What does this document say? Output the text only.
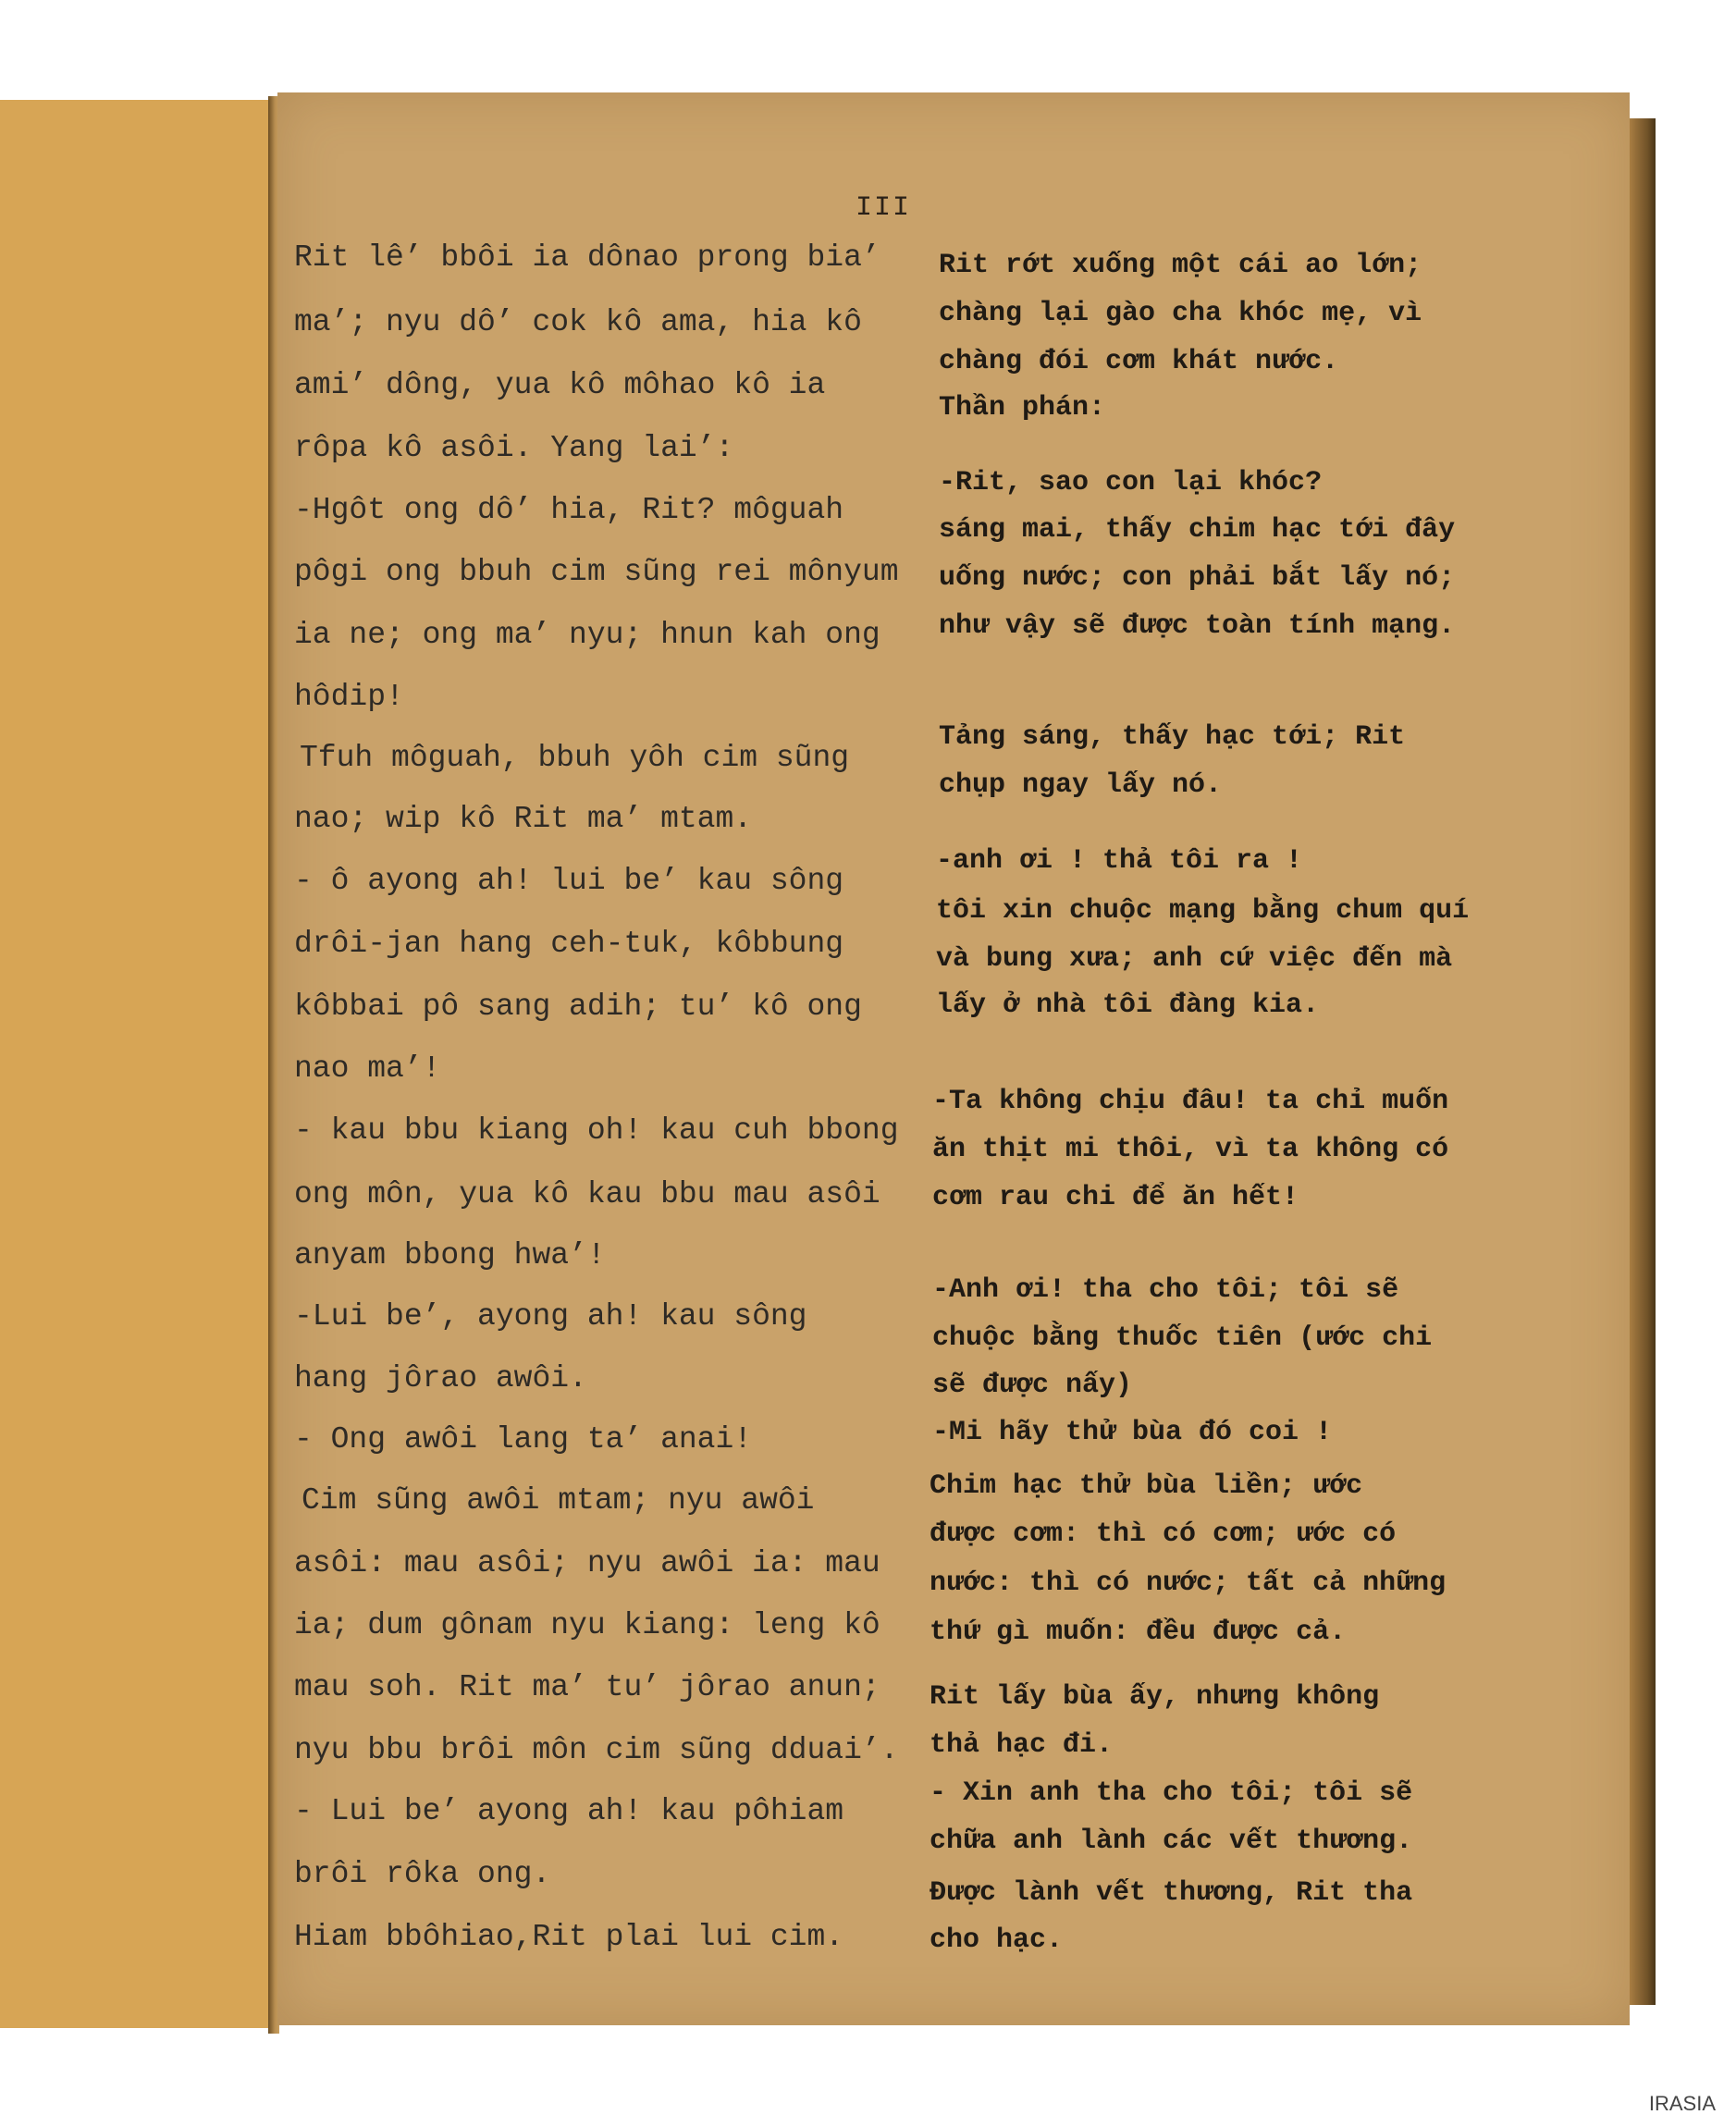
III
Rit lê’ bbôi ia dônao prong bia’
ma’; nyu dô’ cok kô ama, hia kô
ami’ dông, yua kô môhao kô ia
rôpa kô asôi. Yang lai’:
-Hgôt ong dô’ hia, Rit? môguah
pôgi ong bbuh cim sũng rei mônyum
ia ne; ong ma’ nyu; hnun kah ong
hôdip!
Tfuh môguah, bbuh yôh cim sũng
nao; wip kô Rit ma’ mtam.
- ô ayong ah! lui be’ kau sông
drôi-jan hang ceh-tuk, kôbbung
kôbbai pô sang adih; tu’ kô ong
nao ma’!
- kau bbu kiang oh! kau cuh bbong
ong môn, yua kô kau bbu mau asôi
anyam bbong hwa’!
-Lui be’, ayong ah! kau sông
hang jôrao awôi.
- Ong awôi lang ta’ anai!
Cim sũng awôi mtam; nyu awôi
asôi: mau asôi; nyu awôi ia: mau
ia; dum gônam nyu kiang: leng kô
mau soh. Rit ma’ tu’ jôrao anun;
nyu bbu brôi môn cim sũng dduai’.
- Lui be’ ayong ah! kau pôhiam
brôi rôka ong.
Hiam bbôhiao,Rit plai lui cim.
Rit rớt xuống một cái ao lớn;
chàng lại gào cha khóc mẹ, vì
chàng đói cơm khát nước.
Thần phán:
-Rit, sao con lại khóc?
sáng mai, thấy chim hạc tới đây
uống nước; con phải bắt lấy nó;
như vậy sẽ được toàn tính mạng.
Tảng sáng, thấy hạc tới; Rit
chụp ngay lấy nó.
-anh ơi ! thả tôi ra !
tôi xin chuộc mạng bằng chum quí
và bung xưa; anh cứ việc đến mà
lấy ở nhà tôi đàng kia.
-Ta không chịu đâu! ta chỉ muốn
ăn thịt mi thôi, vì ta không có
cơm rau chi để ăn hết!
-Anh ơi! tha cho tôi; tôi sẽ
chuộc bằng thuốc tiên (ước chi
sẽ được nấy)
-Mi hãy thử bùa đó coi !
Chim hạc thử bùa liền; ước
được cơm: thì có cơm; ước có
nước: thì có nước; tất cả những
thứ gì muốn: đều được cả.
Rit lấy bùa ấy, nhưng không
thả hạc đi.
- Xin anh tha cho tôi; tôi sẽ
chữa anh lành các vết thương.
Được lành vết thương, Rit tha
cho hạc.
IRASIA
